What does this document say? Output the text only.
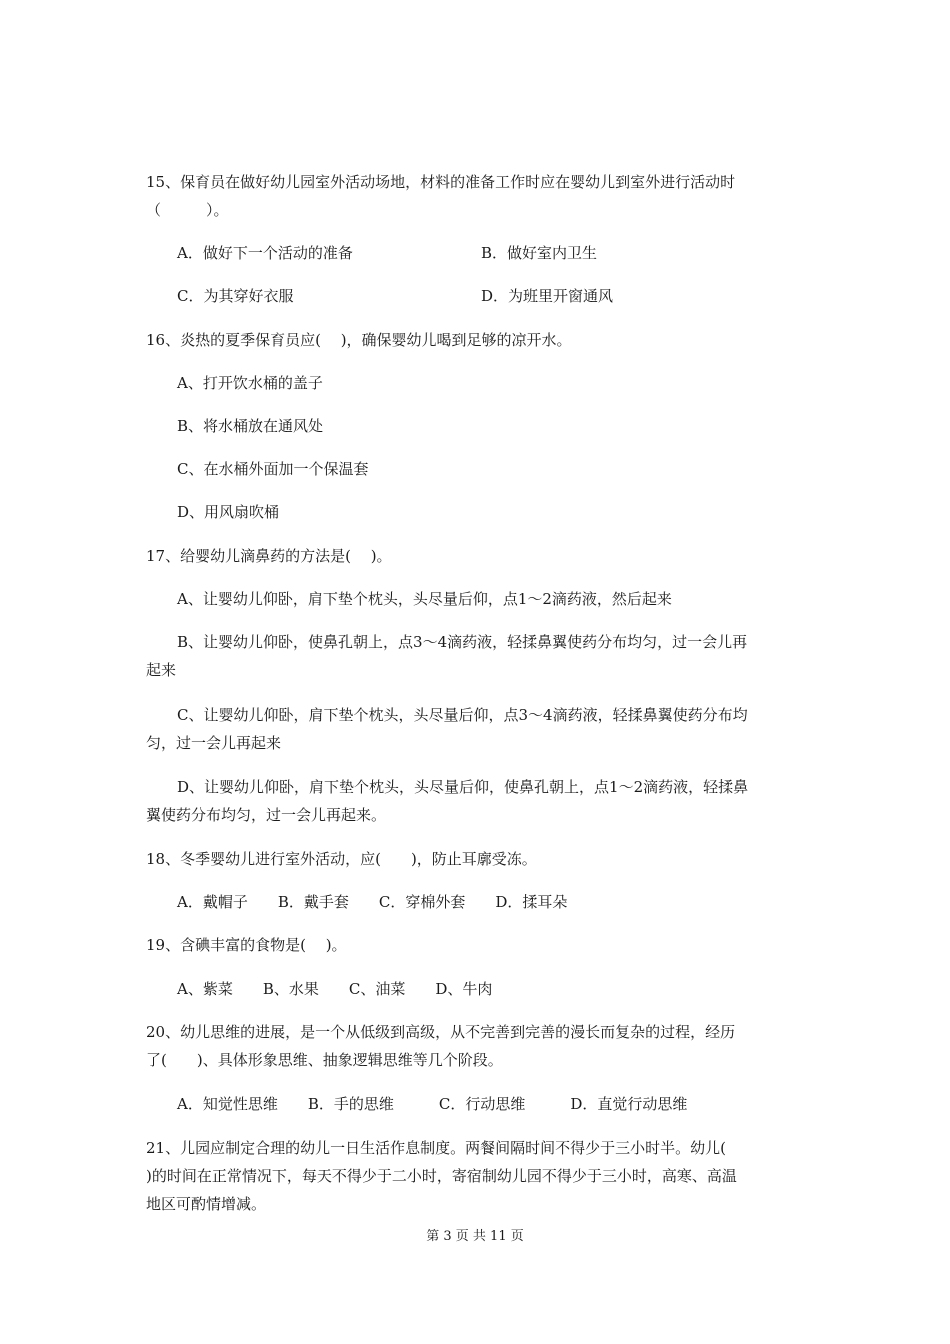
15、保育员在做好幼儿园室外活动场地，材料的准备工作时应在婴幼儿到室外进行活动时
（　　　）。
A．做好下一个活动的准备	B．做好室内卫生
C．为其穿好衣服	D．为班里开窗通风
16、炎热的夏季保育员应(　 )，确保婴幼儿喝到足够的凉开水。
A、打开饮水桶的盖子
B、将水桶放在通风处
C、在水桶外面加一个保温套
D、用风扇吹桶
17、给婴幼儿滴鼻药的方法是(　 )。
A、让婴幼儿仰卧，肩下垫个枕头，头尽量后仰，点1～2滴药液，然后起来
B、让婴幼儿仰卧，使鼻孔朝上，点3～4滴药液，轻揉鼻翼使药分布均匀，过一会儿再
起来
C、让婴幼儿仰卧，肩下垫个枕头，头尽量后仰，点3～4滴药液，轻揉鼻翼使药分布均
匀，过一会儿再起来
D、让婴幼儿仰卧，肩下垫个枕头，头尽量后仰，使鼻孔朝上，点1～2滴药液，轻揉鼻
翼使药分布均匀，过一会儿再起来。
18、冬季婴幼儿进行室外活动，应(　　)，防止耳廓受冻。
A．戴帽子　　B．戴手套　　C．穿棉外套　　D．揉耳朵
19、含碘丰富的食物是(　 )。
A、紫菜　　B、水果　　C、油菜　　D、牛肉
20、幼儿思维的进展，是一个从低级到高级，从不完善到完善的漫长而复杂的过程，经历
了(　　)、具体形象思维、抽象逻辑思维等几个阶段。
A．知觉性思维　　B．手的思维　　　C．行动思维　　　D．直觉行动思维
21、儿园应制定合理的幼儿一日生活作息制度。两餐间隔时间不得少于三小时半。幼儿(
)的时间在正常情况下，每天不得少于二小时，寄宿制幼儿园不得少于三小时，高寒、高温
地区可酌情增减。
第 3 页 共 11 页
